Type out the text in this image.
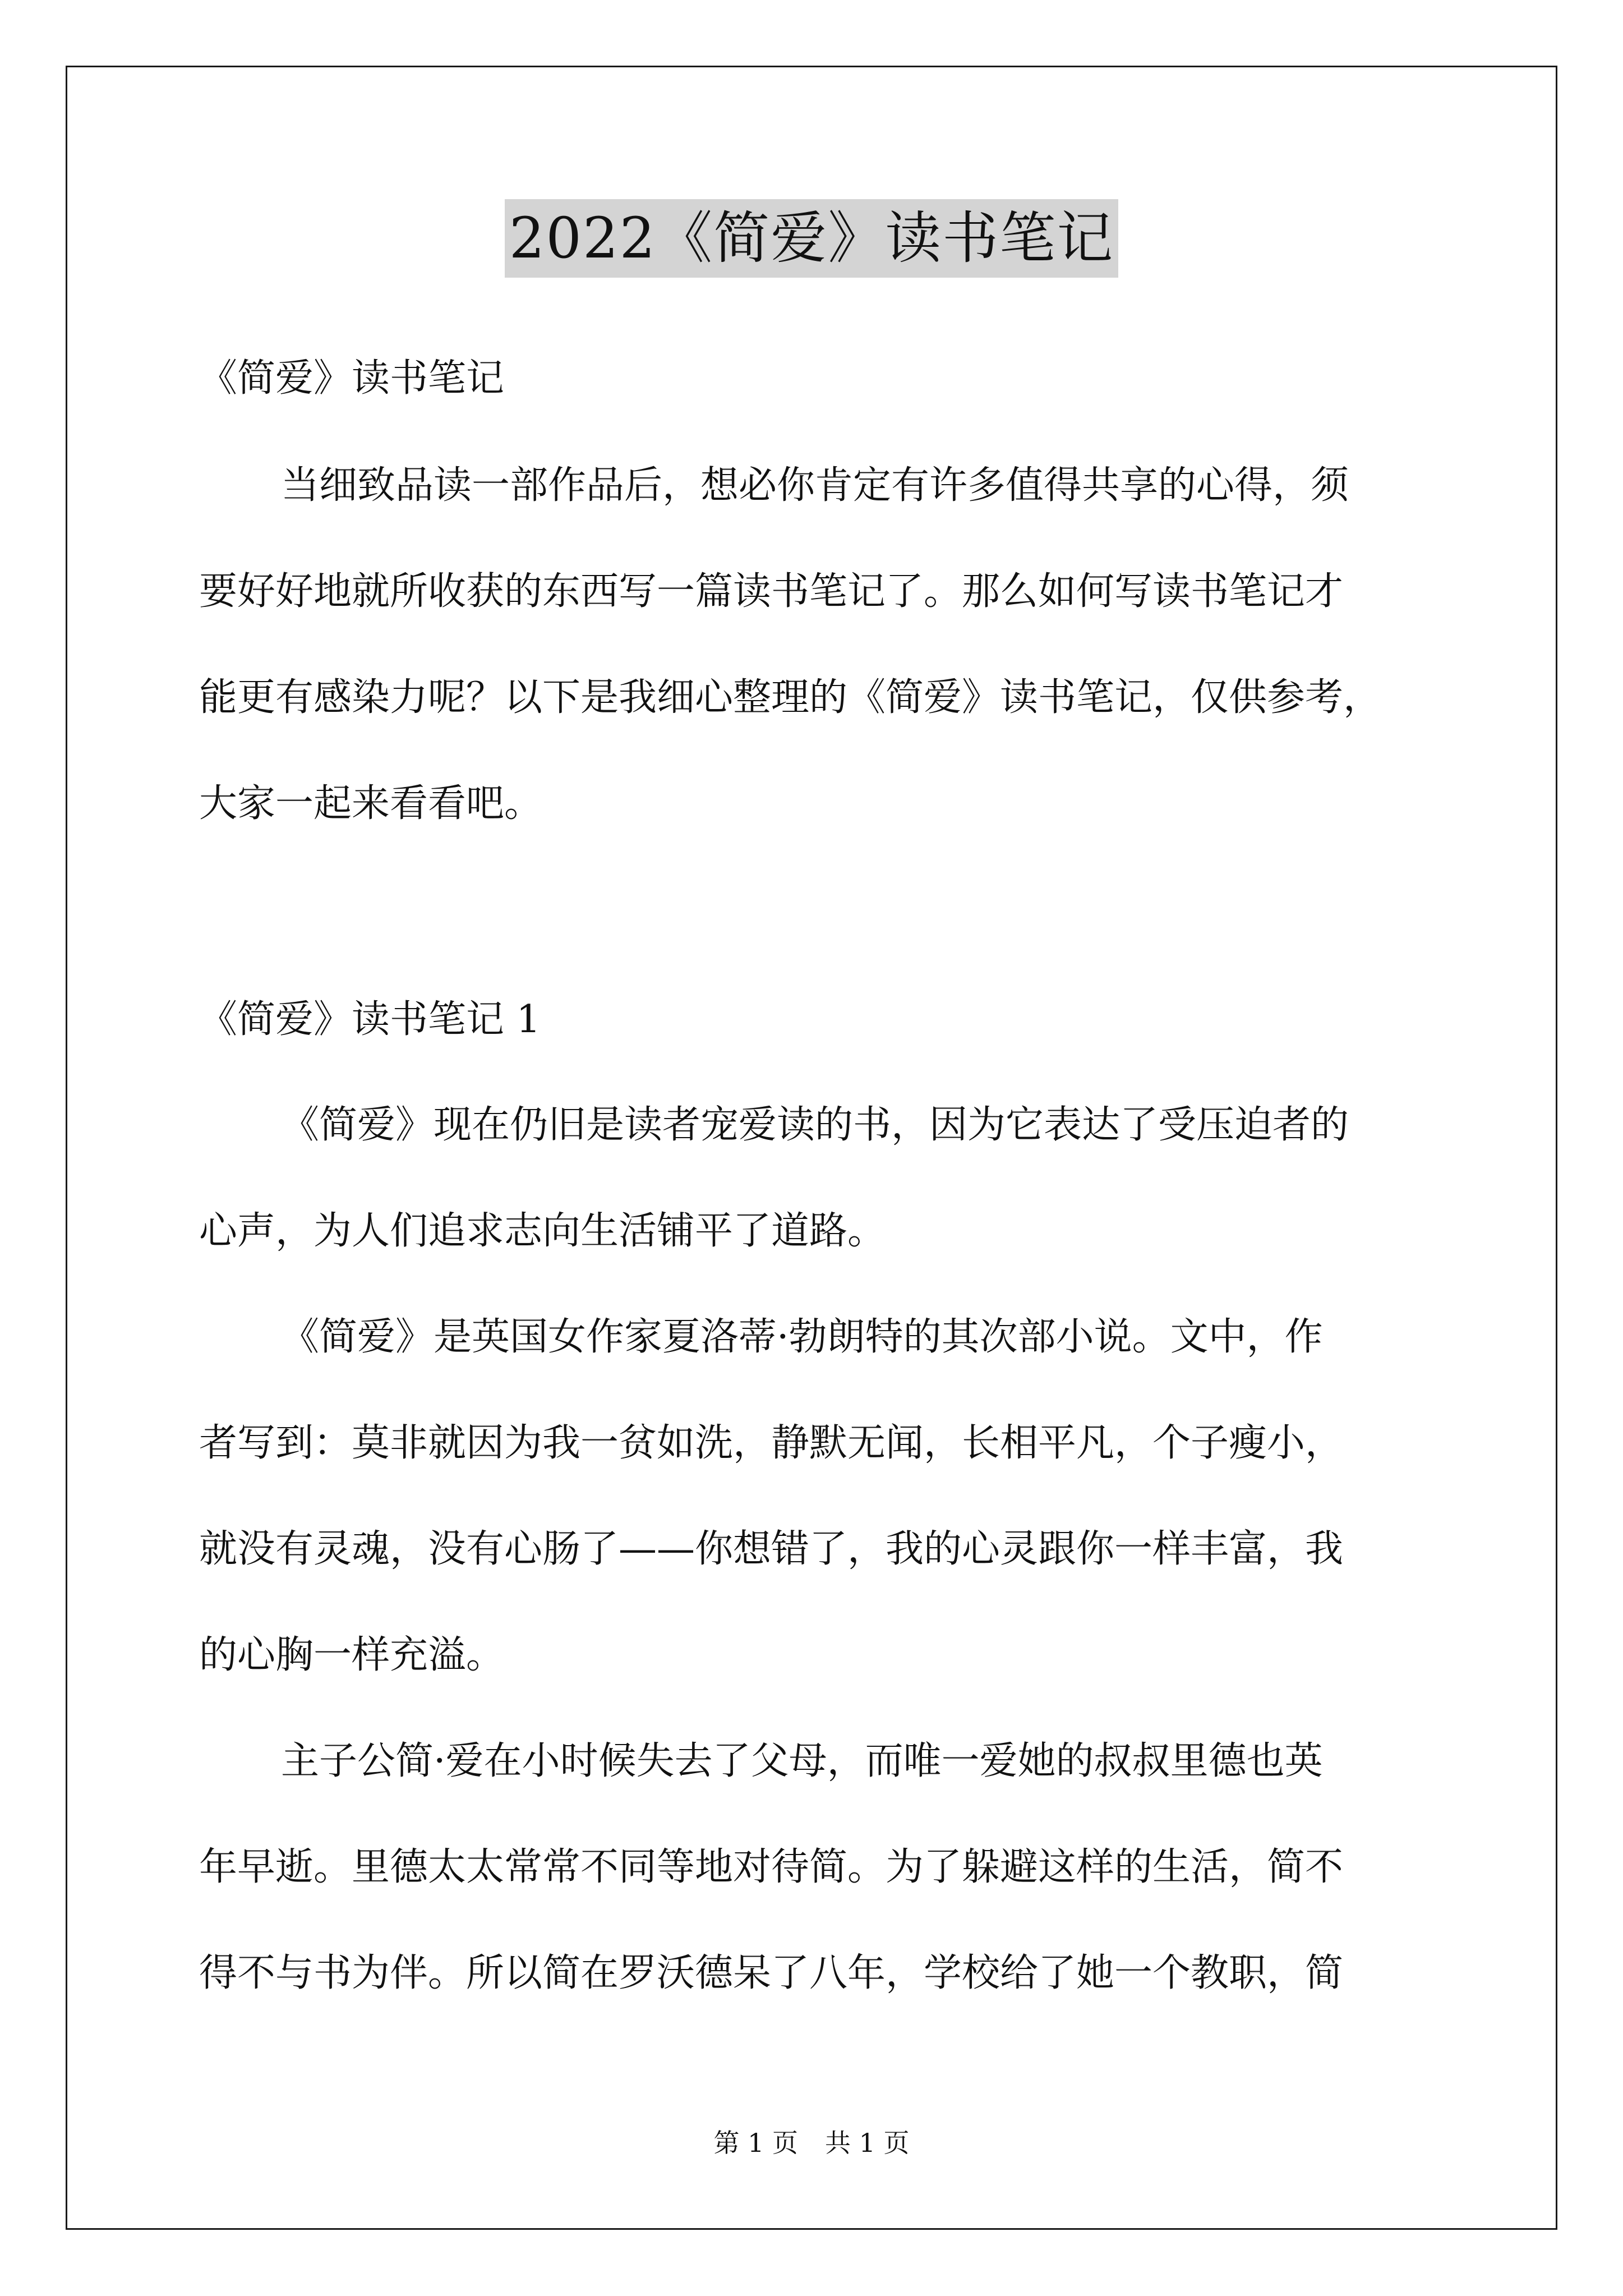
2022《简爱》读书笔记
《简爱》读书笔记
当细致品读一部作品后，想必你肯定有许多值得共享的心得，须
要好好地就所收获的东西写一篇读书笔记了。那么如何写读书笔记才
能更有感染力呢？以下是我细心整理的《简爱》读书笔记，仅供参考，
大家一起来看看吧。
《简爱》读书笔记 1
《简爱》现在仍旧是读者宠爱读的书，因为它表达了受压迫者的
心声，为人们追求志向生活铺平了道路。
《简爱》是英国女作家夏洛蒂·勃朗特的其次部小说。文中，作
者写到：莫非就因为我一贫如洗，静默无闻，长相平凡，个子瘦小，
就没有灵魂，没有心肠了——你想错了，我的心灵跟你一样丰富，我
的心胸一样充溢。
主子公简·爱在小时候失去了父母，而唯一爱她的叔叔里德也英
年早逝。里德太太常常不同等地对待简。为了躲避这样的生活，简不
得不与书为伴。所以简在罗沃德呆了八年，学校给了她一个教职，简
第 1 页 共 1 页
